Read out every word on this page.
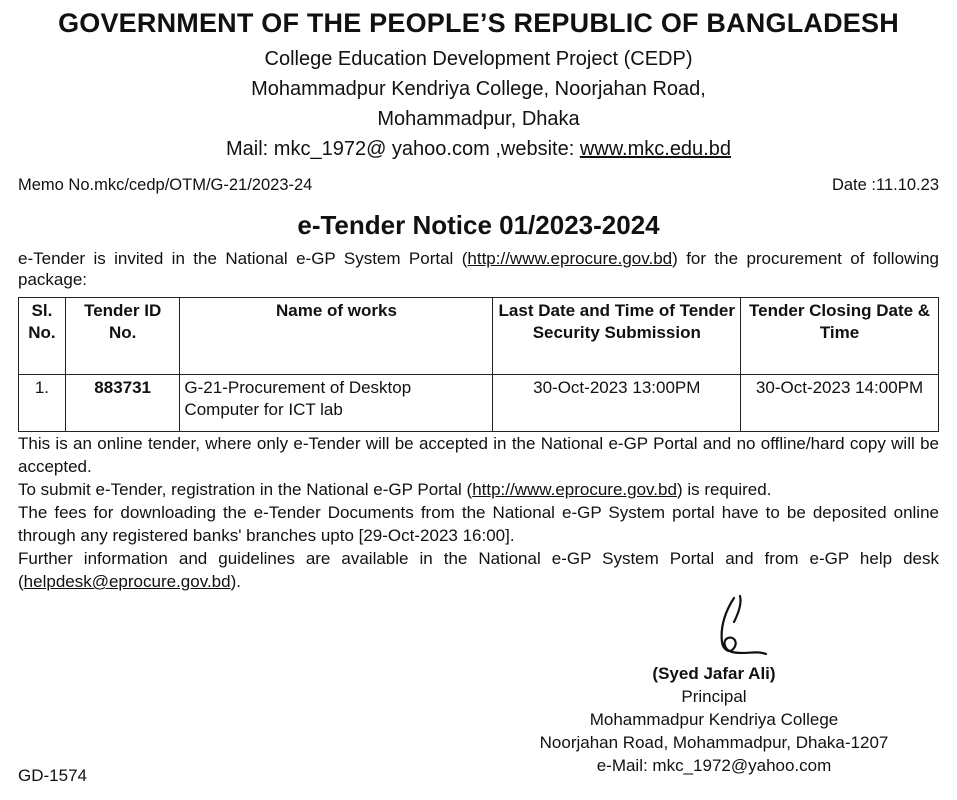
GOVERNMENT OF THE PEOPLE’S REPUBLIC OF BANGLADESH
College Education Development Project (CEDP)
Mohammadpur Kendriya College, Noorjahan Road,
Mohammadpur, Dhaka
Mail: mkc_1972@ yahoo.com ,website: www.mkc.edu.bd
Memo No.mkc/cedp/OTM/G-21/2023-24	Date :11.10.23
e-Tender Notice 01/2023-2024
e-Tender is invited in the National e-GP System Portal (http://www.eprocure.gov.bd) for the procurement of following package:
Sl. No.	Tender ID No.	Name of works	Last Date and Time of Tender Security Submission	Tender Closing Date & Time
1.	883731	G-21-Procurement of Desktop Computer for ICT lab	30-Oct-2023 13:00PM	30-Oct-2023 14:00PM

This is an online tender, where only e-Tender will be accepted in the National e-GP Portal and no offline/hard copy will be accepted.

To submit e-Tender, registration in the National e-GP Portal (http://www.eprocure.gov.bd) is required.

The fees for downloading the e-Tender Documents from the National e-GP System portal have to be deposited online through any registered banks' branches upto [29-Oct-2023 16:00].

Further information and guidelines are available in the National e-GP System Portal and from e-GP help desk (helpdesk@eprocure.gov.bd).

(Syed Jafar Ali)
Principal
Mohammadpur Kendriya College
Noorjahan Road, Mohammadpur, Dhaka-1207
e-Mail: mkc_1972@yahoo.com
GD-1574
